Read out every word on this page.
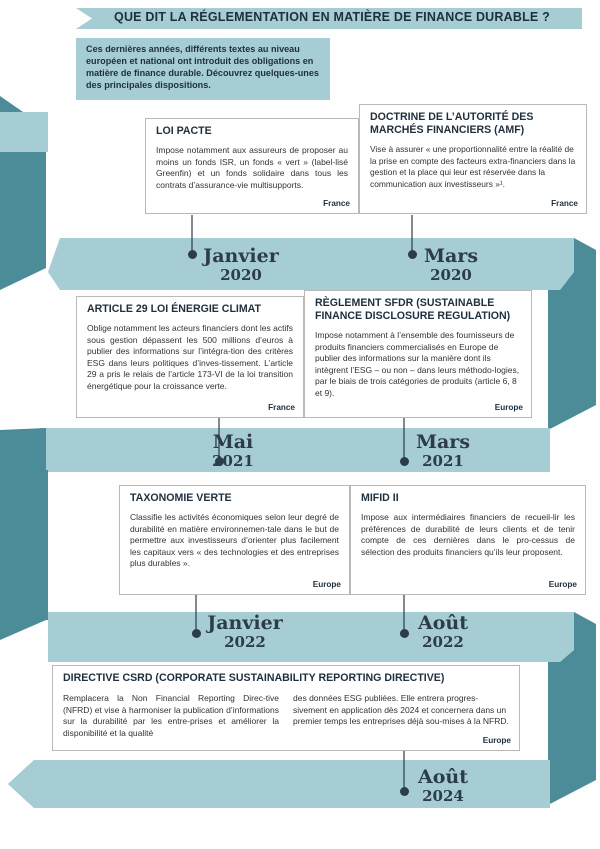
QUE DIT LA RÉGLEMENTATION EN MATIÈRE DE FINANCE DURABLE ?
Ces dernières années, différents textes au niveau européen et national ont introduit des obligations en matière de finance durable. Découvrez quelques-unes des principales dispositions.
LOI PACTE
Impose notamment aux assureurs de proposer au moins un fonds ISR, un fonds « vert » (label-lisé Greenfin) et un fonds solidaire dans tous les contrats d’assurance-vie multisupports.
France
DOCTRINE DE L’AUTORITÉ DES MARCHÉS FINANCIERS (AMF)
Vise à assurer « une proportionnalité entre la réalité de la prise en compte des facteurs extra-financiers dans la gestion et la place qui leur est réservée dans la communication aux investisseurs »¹.
France
Janvier
2020
Mars
2020
ARTICLE 29 LOI ÉNERGIE CLIMAT
Oblige notamment les acteurs financiers dont les actifs sous gestion dépassent les 500 millions d’euros à publier des informations sur l’intégra-tion des critères ESG dans leurs politiques d’inves-tissement. L’article 29 a pris le relais de l’article 173-VI de la loi transition énergétique pour la croissance verte.
France
RÈGLEMENT SFDR (SUSTAINABLE FINANCE DISCLOSURE REGULATION)
Impose notamment à l’ensemble des fournisseurs de produits financiers commercialisés en Europe de publier des informations sur la manière dont ils intègrent l’ESG – ou non – dans leurs méthodo-logies, par le biais de trois catégories de produits (article 6, 8 et 9).
Europe
Mai
2021
Mars
2021
TAXONOMIE VERTE
Classifie les activités économiques selon leur degré de durabilité en matière environnemen-tale dans le but de permettre aux investisseurs d’orienter plus facilement les capitaux vers « des technologies et des entreprises plus durables ».
Europe
MIFID II
Impose aux intermédiaires financiers de recueil-lir les préférences de durabilité de leurs clients et de tenir compte de ces dernières dans le pro-cessus de sélection des produits financiers qu’ils leur proposent.
Europe
Janvier
2022
Août
2022
DIRECTIVE CSRD (CORPORATE SUSTAINABILITY REPORTING DIRECTIVE)
Remplacera la Non Financial Reporting Direc-tive (NFRD) et vise à harmoniser la publication d’informations sur la durabilité par les entre-prises et améliorer la disponibilité et la qualité
des données ESG publiées. Elle entrera progres-sivement en application dès 2024 et concernera dans un premier temps les entreprises déjà sou-mises à la NFRD.
Europe
Août
2024
